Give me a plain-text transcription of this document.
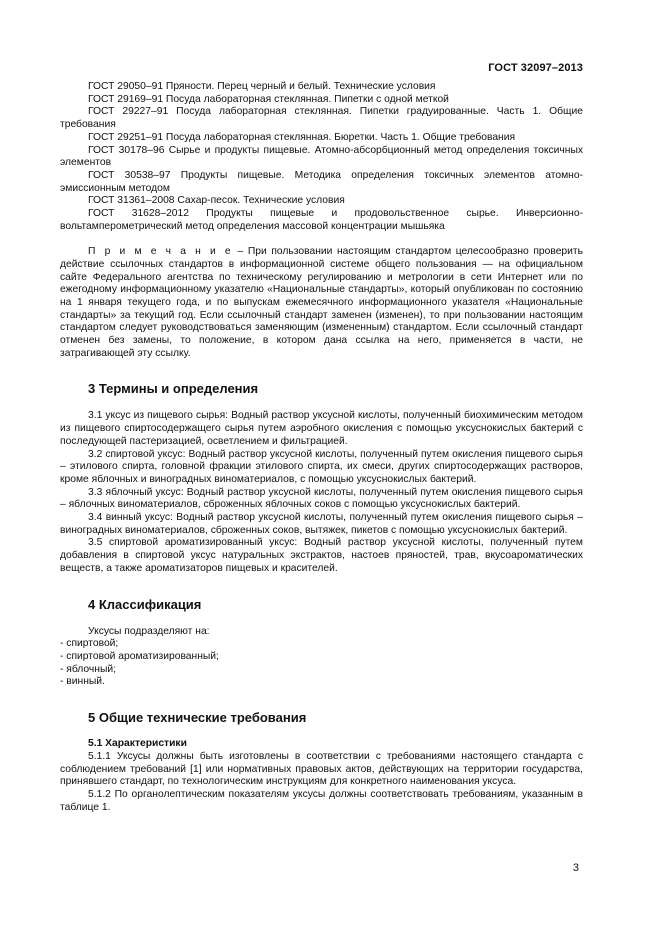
ГОСТ 32097–2013

ГОСТ 29050–91 Пряности. Перец черный и белый. Технические условия

ГОСТ 29169–91 Посуда лабораторная стеклянная. Пипетки с одной меткой

ГОСТ 29227–91 Посуда лабораторная стеклянная. Пипетки градуированные. Часть 1. Общие требования

ГОСТ 29251–91 Посуда лабораторная стеклянная. Бюретки. Часть 1. Общие требования

ГОСТ 30178–96 Сырье и продукты пищевые. Атомно-абсорбционный метод определения токсичных элементов

ГОСТ 30538–97 Продукты пищевые. Методика определения токсичных элементов атомно-эмиссионным методом

ГОСТ 31361–2008 Сахар-песок. Технические условия

ГОСТ 31628–2012 Продукты пищевые и продовольственное сырье. Инверсионно-вольтамперометрический метод определения массовой концентрации мышьяка

П р и м е ч а н и е – При пользовании настоящим стандартом целесообразно проверить действие ссылочных стандартов в информационной системе общего пользования — на официальном сайте Федерального агентства по техническому регулированию и метрологии в сети Интернет или по ежегодному информационному указателю «Национальные стандарты», который опубликован по состоянию на 1 января текущего года, и по выпускам ежемесячного информационного указателя «Национальные стандарты» за текущий год. Если ссылочный стандарт заменен (изменен), то при пользовании настоящим стандартом следует руководствоваться заменяющим (измененным) стандартом. Если ссылочный стандарт отменен без замены, то положение, в котором дана ссылка на него, применяется в части, не затрагивающей эту ссылку.

3 Термины и определения

3.1 уксус из пищевого сырья: Водный раствор уксусной кислоты, полученный биохимическим методом из пищевого спиртосодержащего сырья путем аэробного окисления с помощью уксуснокислых бактерий с последующей пастеризацией, осветлением и фильтрацией.

3.2 спиртовой уксус: Водный раствор уксусной кислоты, полученный путем окисления пищевого сырья – этилового спирта, головной фракции этилового спирта, их смеси, других спиртосодержащих растворов, кроме яблочных и виноградных виноматериалов, с помощью уксуснокислых бактерий.

3.3 яблочный уксус: Водный раствор уксусной кислоты, полученный путем окисления пищевого сырья – яблочных виноматериалов, сброженных яблочных соков с помощью уксуснокислых бактерий.

3.4 винный уксус: Водный раствор уксусной кислоты, полученный путем окисления пищевого сырья – виноградных виноматериалов, сброженных соков, вытяжек, пикетов с помощью уксуснокислых бактерий.

3.5 спиртовой ароматизированный уксус: Водный раствор уксусной кислоты, полученный путем добавления в спиртовой уксус натуральных экстрактов, настоев пряностей, трав, вкусоароматических веществ, а также ароматизаторов пищевых и красителей.

4 Классификация

Уксусы подразделяют на:

- спиртовой;

- спиртовой ароматизированный;

- яблочный;

- винный.

5 Общие технические требования

5.1 Характеристики

5.1.1 Уксусы должны быть изготовлены в соответствии с требованиями настоящего стандарта с соблюдением требований [1] или нормативных правовых актов, действующих на территории государства, принявшего стандарт, по технологическим инструкциям для конкретного наименования уксуса.

5.1.2 По органолептическим показателям уксусы должны соответствовать требованиям, указанным в таблице 1.

3
